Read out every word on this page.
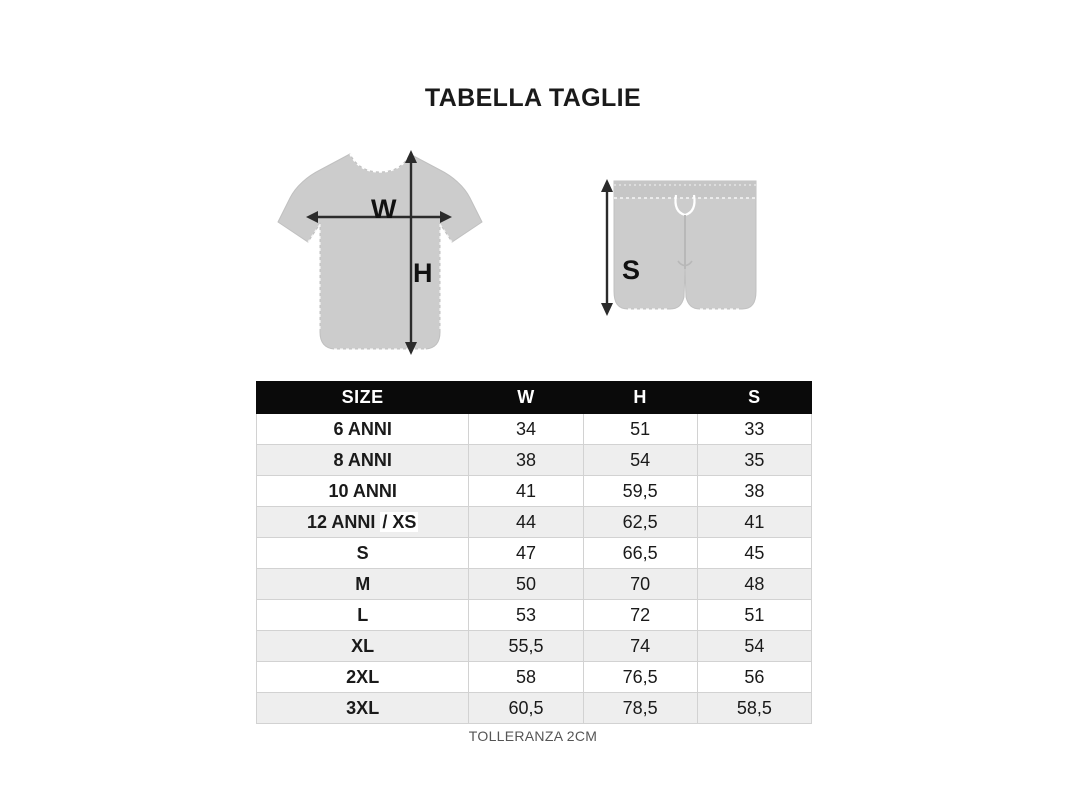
TABELLA TAGLIE
W
H	S
SIZE	W	H	S
6 ANNI	34	51	33
8 ANNI	38	54	35
10 ANNI	41	59,5	38
12 ANNI / XS	44	62,5	41
S	47	66,5	45
M	50	70	48
L	53	72	51
XL	55,5	74	54
2XL	58	76,5	56
3XL	60,5	78,5	58,5
TOLLERANZA 2CM
